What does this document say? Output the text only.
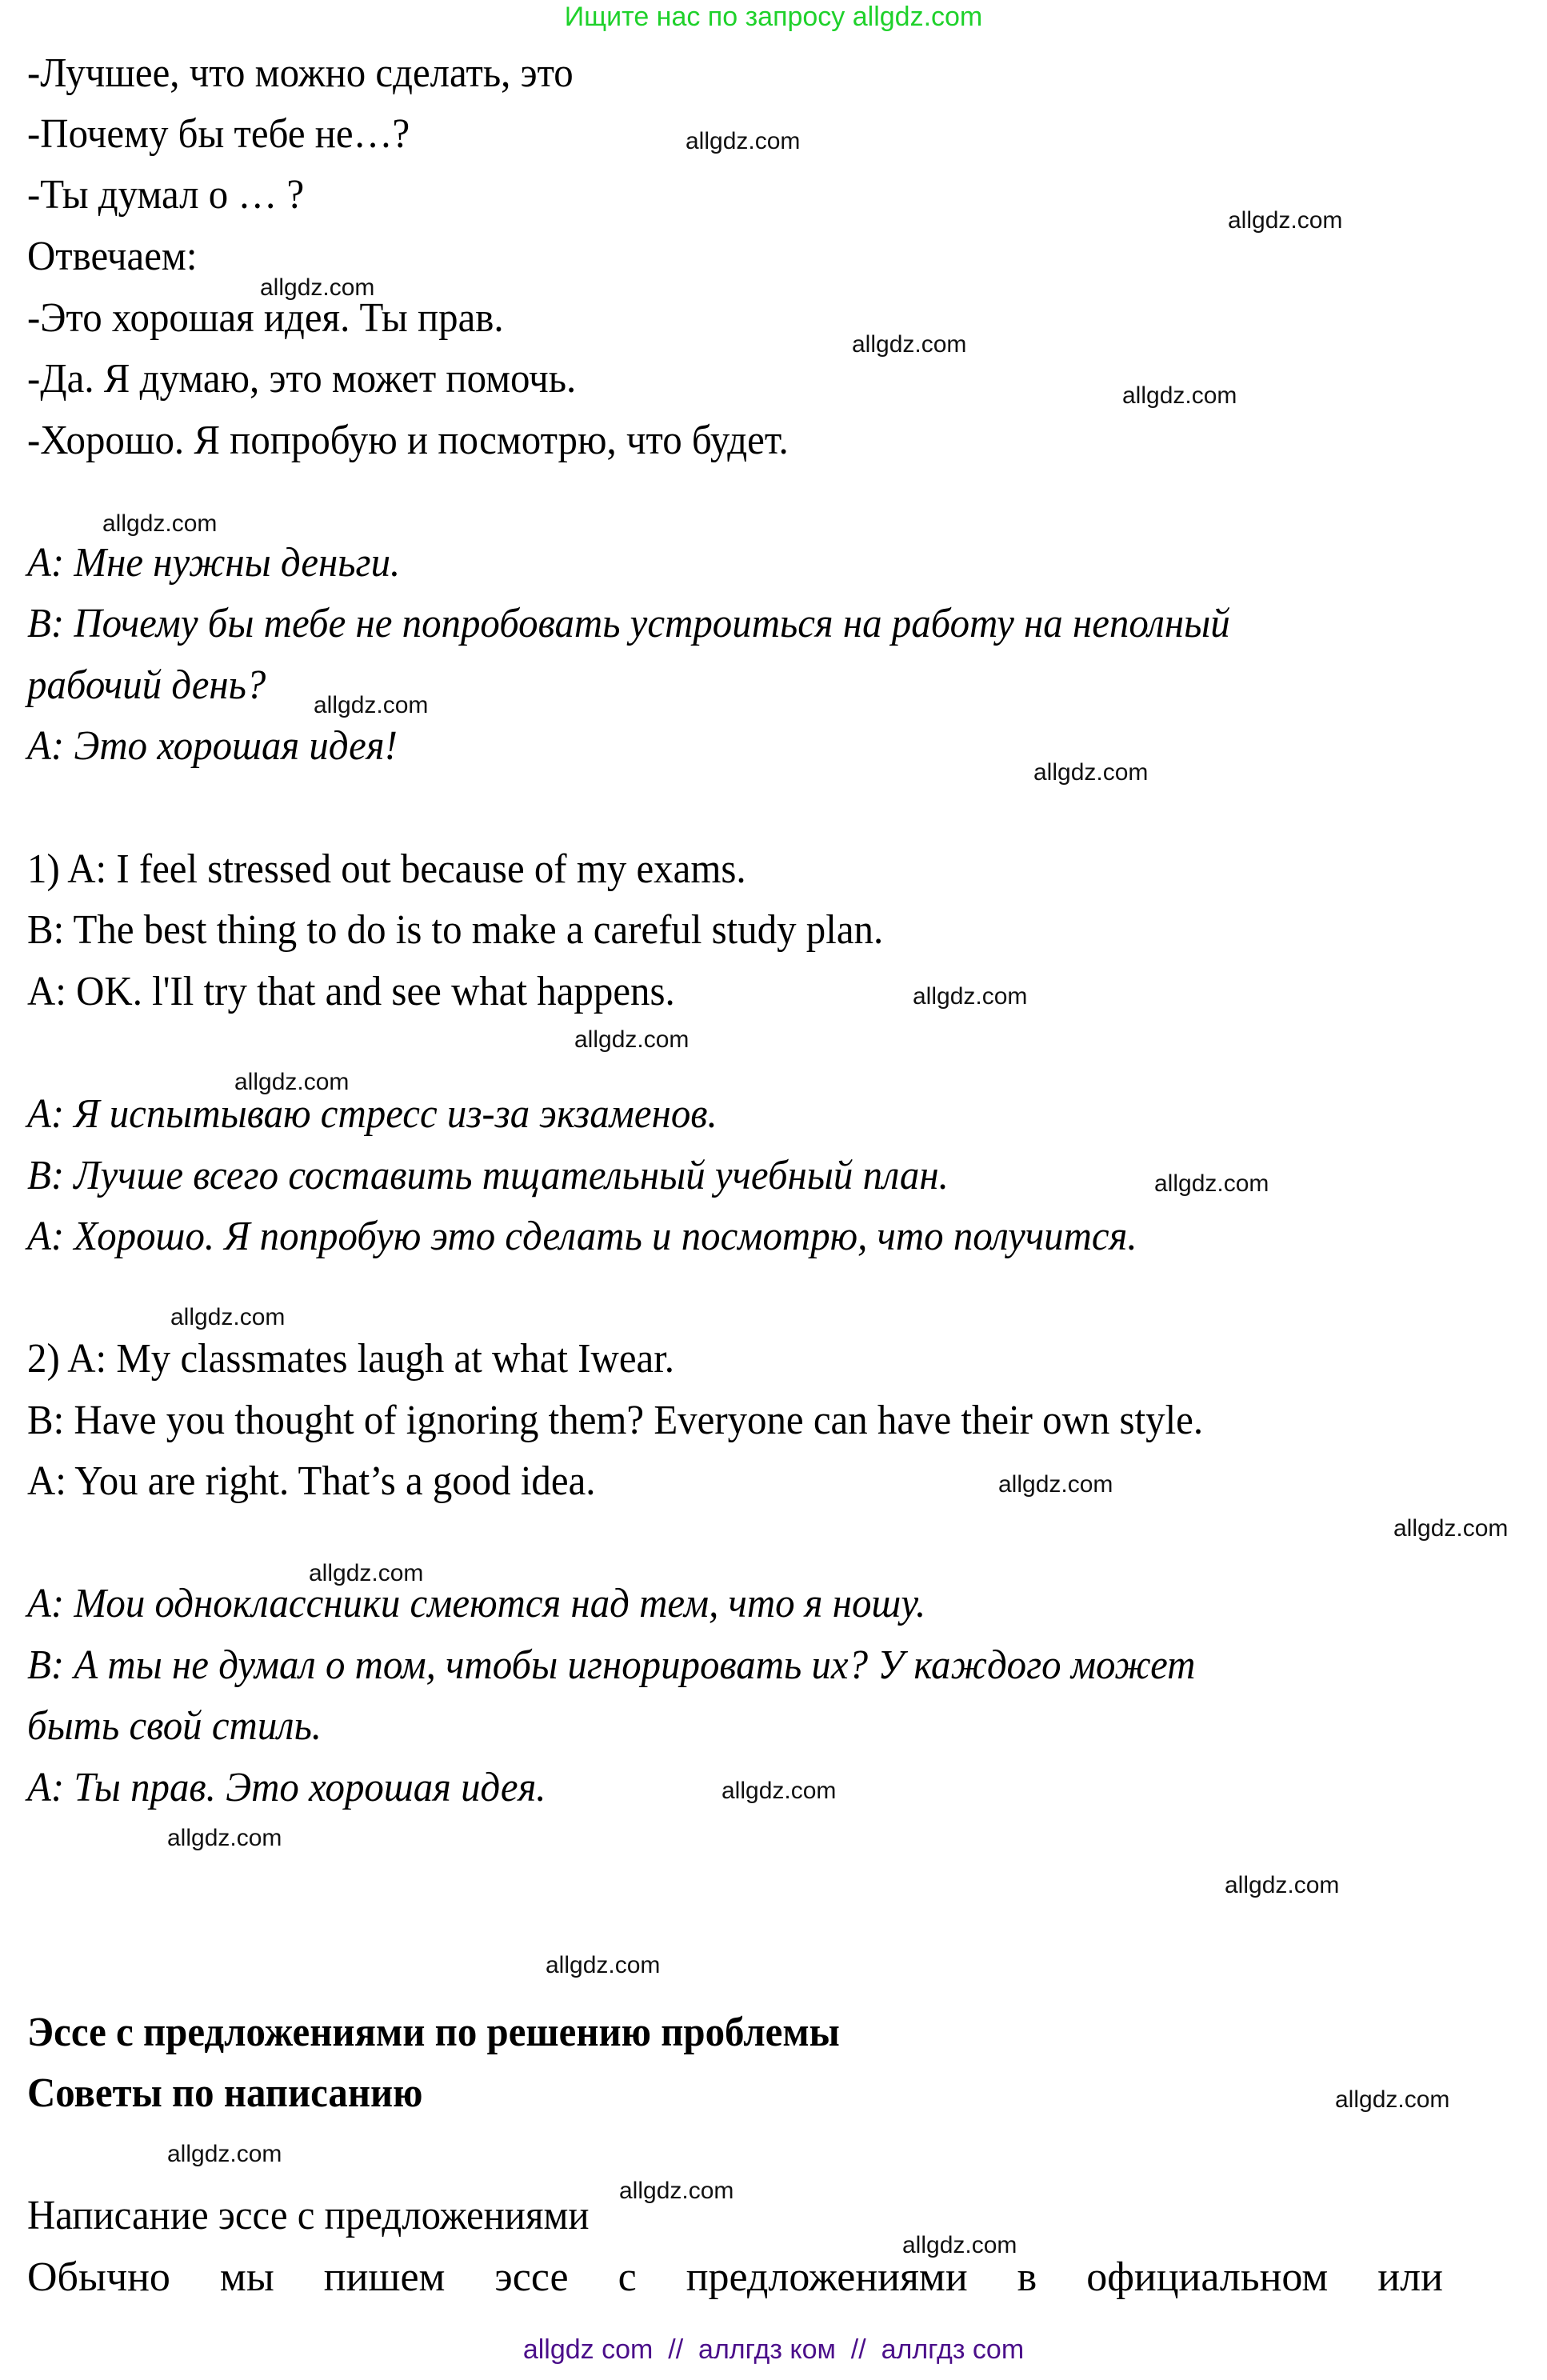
Ищите нас по запросу allgdz.com
-Лучшее, что можно сделать, это
-Почему бы тебе не…?
-Ты думал о … ?
Отвечаем:
-Это хорошая идея. Ты прав.
-Да. Я думаю, это может помочь.
-Хорошо. Я попробую и посмотрю, что будет.
A: Мне нужны деньги.
B: Почему бы тебе не попробовать устроиться на работу на неполный
рабочий день?
A: Это хорошая идея!
1) A: I feel stressed out because of my exams.
B: The best thing to do is to make a careful study plan.
A: OK. l'Il try that and see what happens.
A: Я испытываю стресс из-за экзаменов.
B: Лучше всего составить тщательный учебный план.
A: Хорошо. Я попробую это сделать и посмотрю, что получится.
2) A: My classmates laugh at what Iwear.
B: Have you thought of ignoring them? Everyone can have their own style.
A: You are right. That’s a good idea.
A: Мои одноклассники смеются над тем, что я ношу.
B: А ты не думал о том, чтобы игнорировать их? У каждого может
быть свой стиль.
A: Ты прав. Это хорошая идея.
Эссе с предложениями по решению проблемы
Советы по написанию
Написание эссе с предложениями
Обычно мы пишем эссе с предложениями в официальном или
allgdz.com
allgdz.com
allgdz.com
allgdz.com
allgdz.com
allgdz.com
allgdz.com
allgdz.com
allgdz.com
allgdz.com
allgdz.com
allgdz.com
allgdz.com
allgdz.com
allgdz.com
allgdz.com
allgdz.com
allgdz.com
allgdz.com
allgdz.com
allgdz.com
allgdz.com
allgdz.com
allgdz.com
allgdz com  //  аллгдз ком  //  аллгдз com
